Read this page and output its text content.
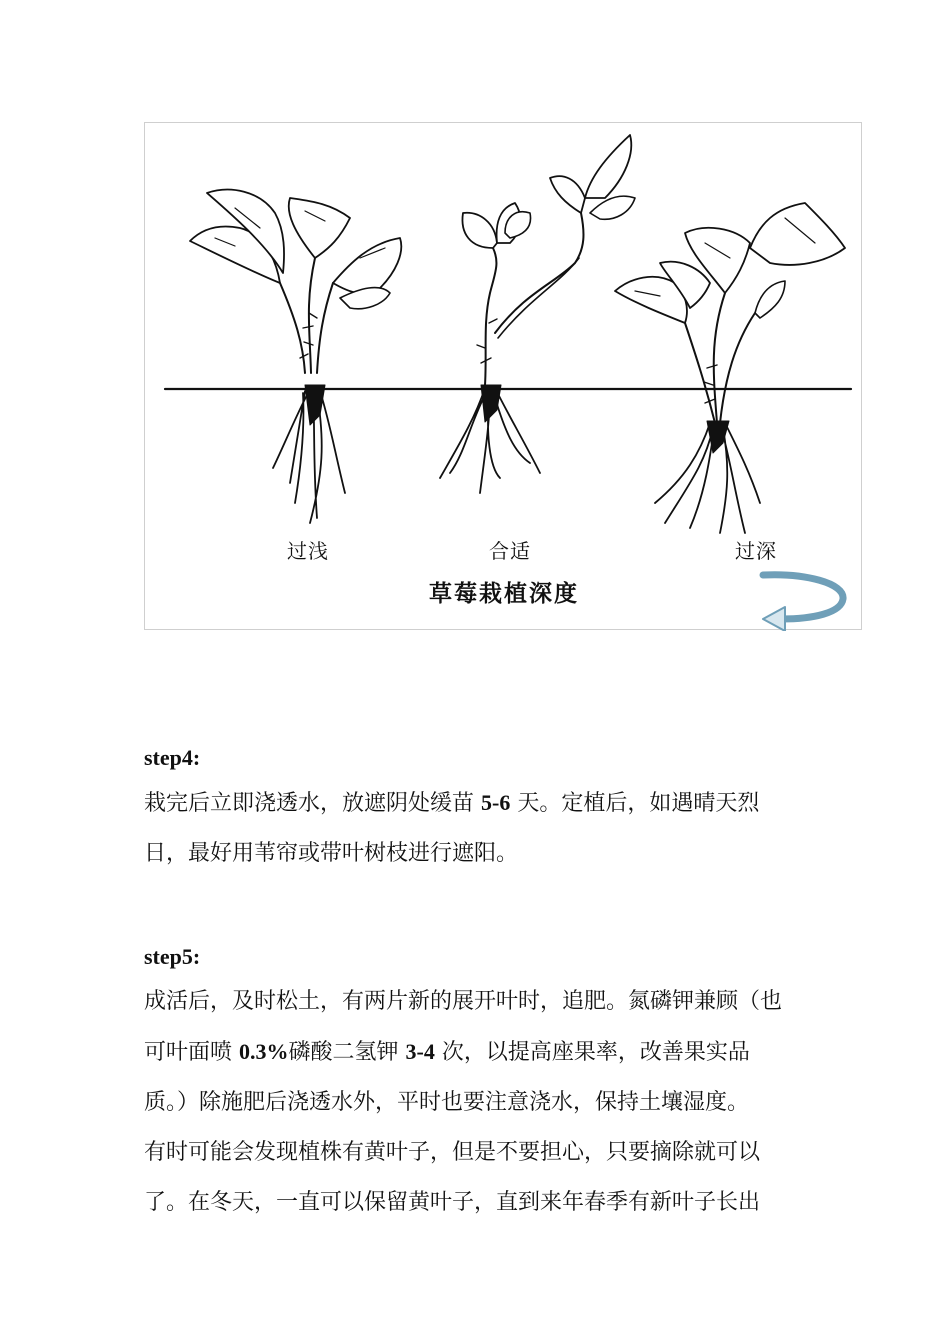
过浅	合适	过深
草莓栽植深度
step4:
栽完后立即浇透水，放遮阴处缓苗 5-6 天。定植后，如遇晴天烈
日，最好用苇帘或带叶树枝进行遮阳。
step5:
成活后，及时松土，有两片新的展开叶时，追肥。氮磷钾兼顾（也
可叶面喷 0.3%磷酸二氢钾 3-4 次，以提高座果率，改善果实品
质。）除施肥后浇透水外，平时也要注意浇水，保持土壤湿度。
有时可能会发现植株有黄叶子，但是不要担心，只要摘除就可以
了。在冬天，一直可以保留黄叶子，直到来年春季有新叶子长出
